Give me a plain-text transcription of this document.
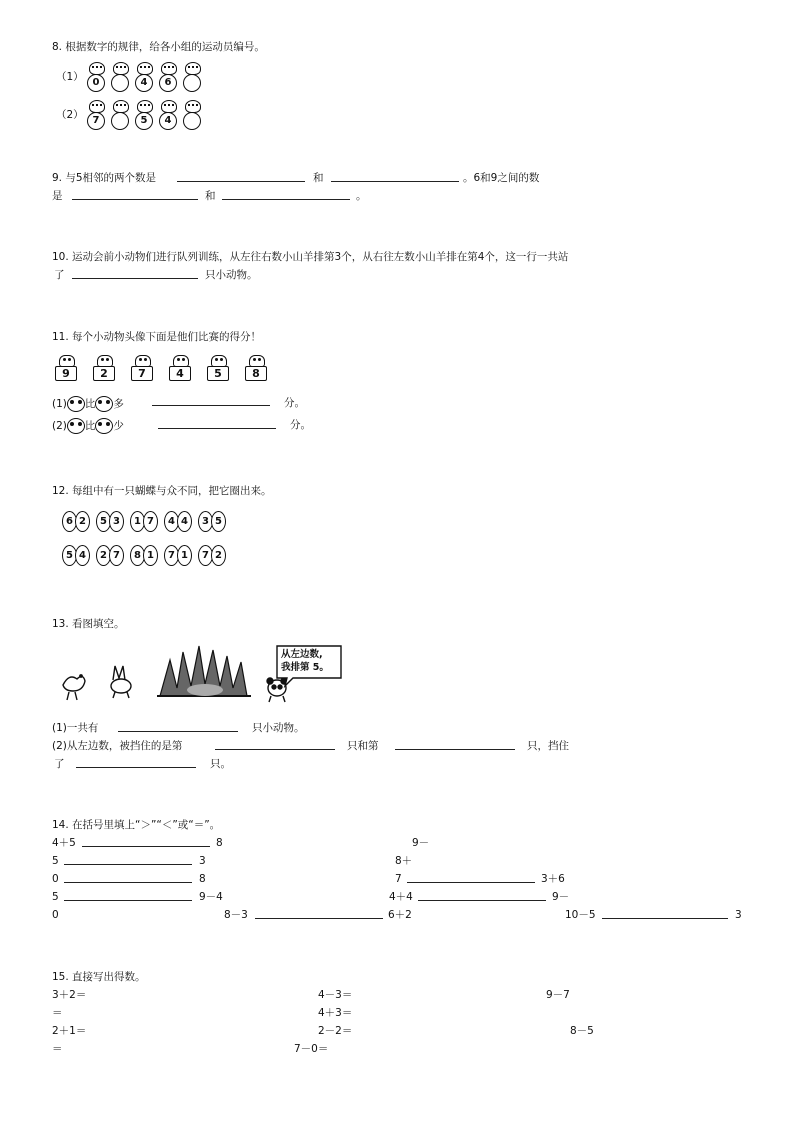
8. 根据数字的规律，给各小组的运动员编号。
（1） 0	4	6
（2） 7	5	4
9. 与5相邻的两个数是	和	。6和9之间的数
是	和	。
10. 运动会前小动物们进行队列训练，从左往右数小山羊排第3个，从右往左数小山羊排在第4个，这一行一共站
了	只小动物。
11. 每个小动物头像下面是他们比赛的得分！
9	2	7	4	5	8
(1) 比 多	分。
(2) 比 少	分。
12. 每组中有一只蝴蝶与众不同，把它圈出来。
6 2	5 3	1 7	4 4	3 5
5 4	2 7	8 1	7 1	7 2
13. 看图填空。
从左边数,
我排第 5。
(1)一共有	只小动物。
(2)从左边数，被挡住的是第	只和第	只，挡住
了	只。
14. 在括号里填上“＞”“＜”或“＝”。
4＋5	8	9－
5	3	8＋
0	8	7	3＋6
5	9－4	4＋4	9－
0	8－3	6＋2	10－5	3
15. 直接写出得数。
3＋2＝	4－3＝	9－7
＝	4＋3＝
2＋1＝	2－2＝	8－5
＝	7－0＝
